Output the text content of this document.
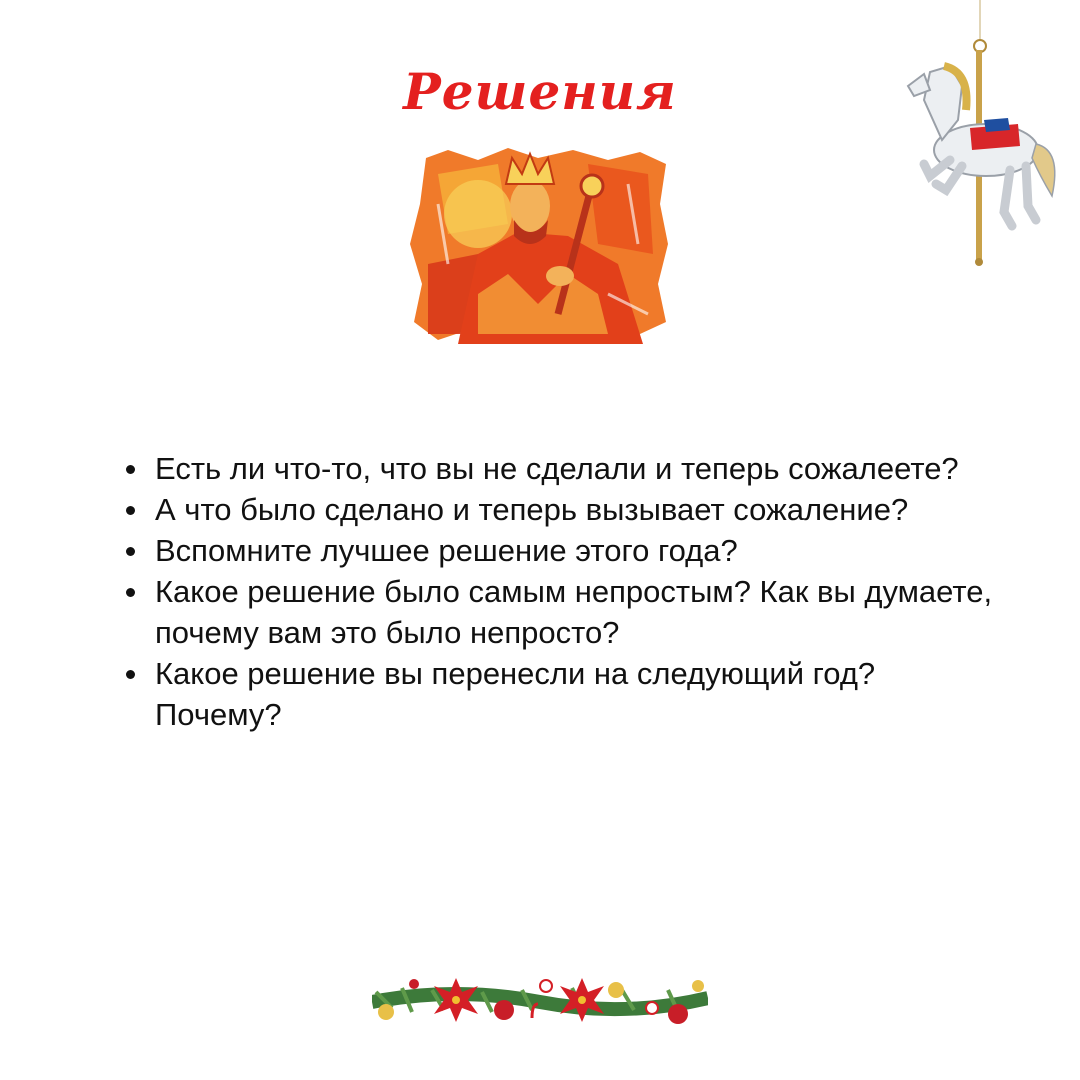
Решения
Есть ли что-то, что вы не сделали и теперь сожалеете?
А что было сделано и теперь вызывает сожаление?
Вспомните лучшее решение этого года?
Какое решение было самым непростым? Как вы думаете, почему вам это было непросто?
Какое решение вы перенесли на следующий год? Почему?
